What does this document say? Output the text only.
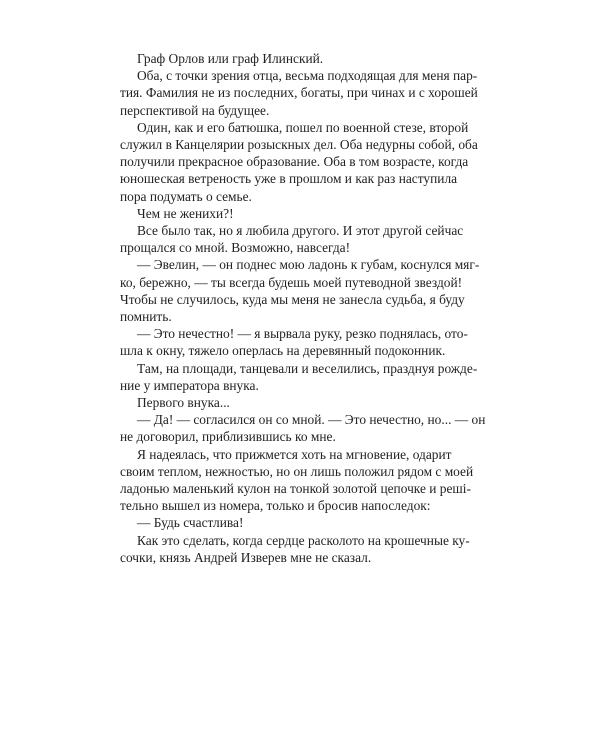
Граф Орлов или граф Илинский.

Оба, с точки зрения отца, весьма подходящая для меня пар-
тия. Фамилия не из последних, богаты, при чинах и с хорошей
перспективой на будущее.

Один, как и его батюшка, пошел по военной стезе, второй
служил в Канцелярии розыскных дел. Оба недурны собой, оба
получили прекрасное образование. Оба в том возрасте, когда
юношеская ветреность уже в прошлом и как раз наступила
пора подумать о семье.

Чем не женихи?!

Все было так, но я любила другого. И этот другой сейчас
прощался со мной. Возможно, навсегда!

— Эвелин, — он поднес мою ладонь к губам, коснулся мяг-
ко, бережно, — ты всегда будешь моей путеводной звездой!
Чтобы не случилось, куда мы меня не занесла судьба, я буду
помнить.

— Это нечестно! — я вырвала руку, резко поднялась, ото-
шла к окну, тяжело оперлась на деревянный подоконник.

Там, на площади, танцевали и веселились, празднуя рожде-
ние у императора внука.

Первого внука...

— Да! — согласился он со мной. — Это нечестно, но... — он
не договорил, приблизившись ко мне.

Я надеялась, что прижмется хоть на мгновение, одарит
своим теплом, нежностью, но он лишь положил рядом с моей
ладонью маленький кулон на тонкой золотой цепочке и решi-
тельно вышел из номера, только и бросив напоследок:

— Будь счастлива!

Как это сделать, когда сердце расколото на крошечные ку-
сочки, князь Андрей Изверев мне не сказал.
